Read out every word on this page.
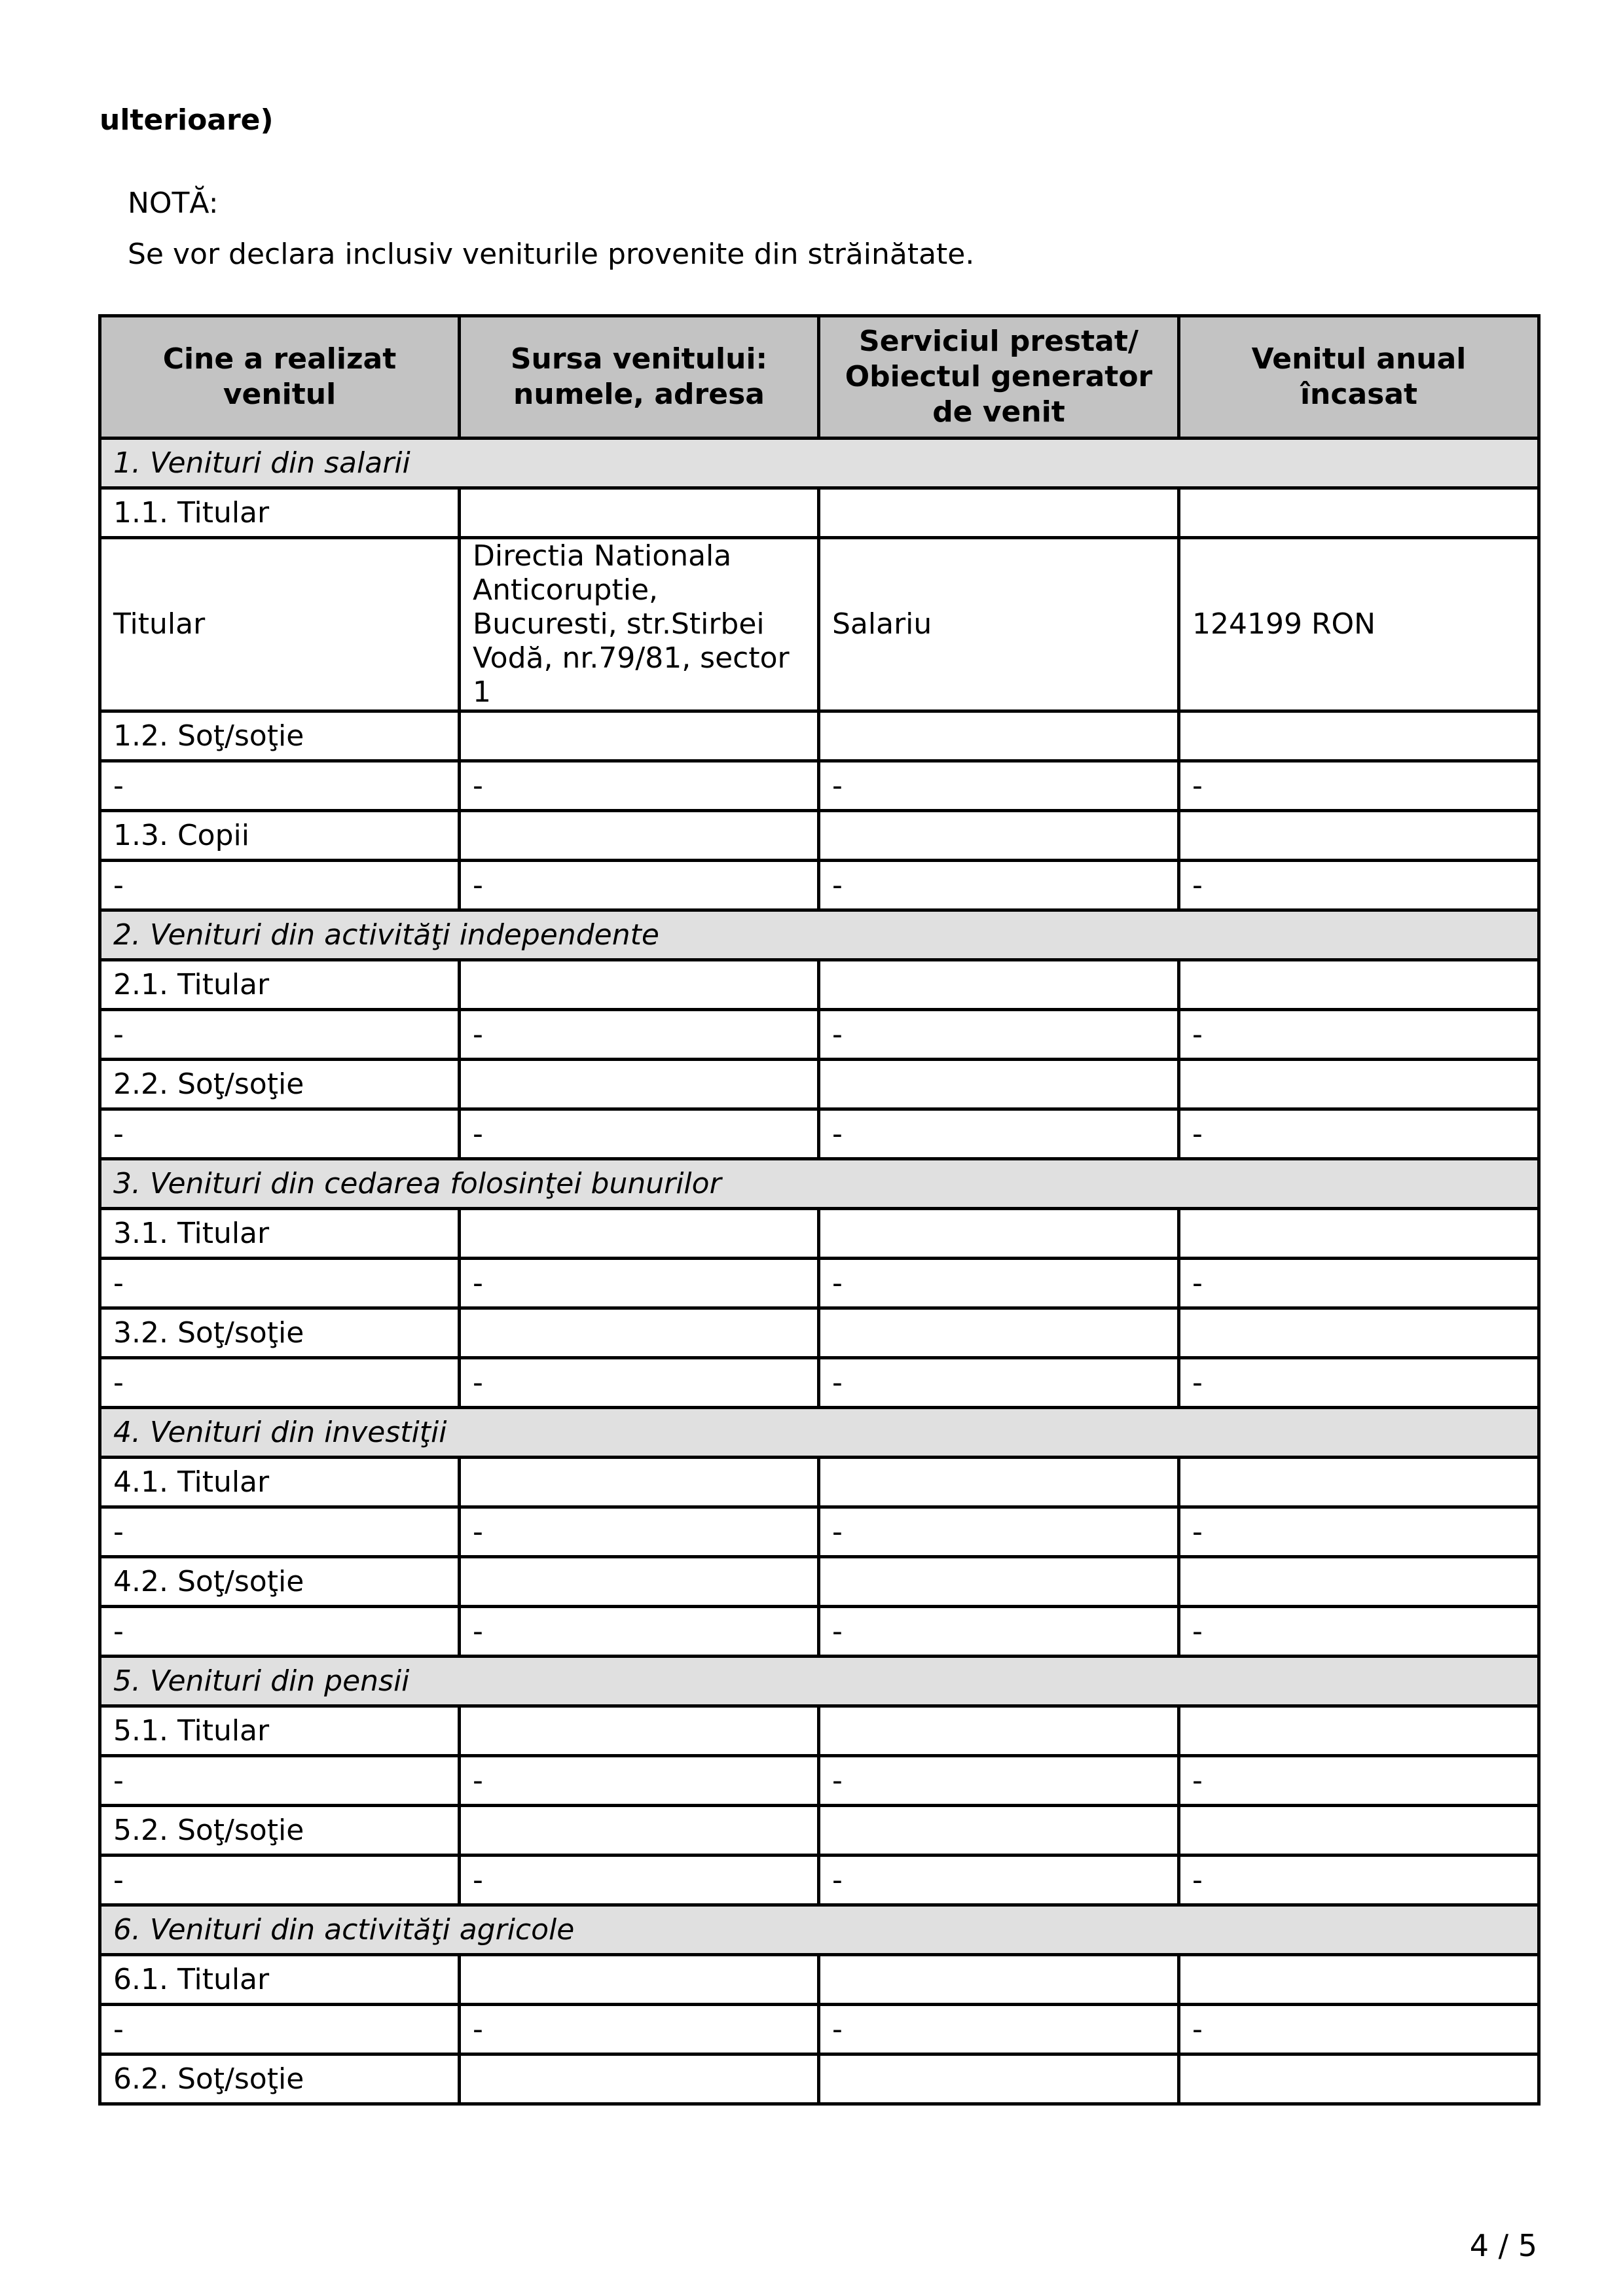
ulterioare)
NOTĂ:
Se vor declara inclusiv veniturile provenite din străinătate.
Cine a realizat venitul	Sursa venitului: numele, adresa	Serviciul prestat/ Obiectul generator de venit	Venitul anual încasat
1. Venituri din salarii			
1.1. Titular			
Titular	Directia Nationala Anticoruptie, Bucuresti, str.Stirbei Vodă, nr.79/81, sector 1	Salariu	124199 RON
1.2. Soţ/soţie			
-	-	-	-
1.3. Copii			
-	-	-	-
2. Venituri din activităţi independente			
2.1. Titular			
-	-	-	-
2.2. Soţ/soţie			
-	-	-	-
3. Venituri din cedarea folosinţei bunurilor			
3.1. Titular			
-	-	-	-
3.2. Soţ/soţie			
-	-	-	-
4. Venituri din investiţii			
4.1. Titular			
-	-	-	-
4.2. Soţ/soţie			
-	-	-	-
5. Venituri din pensii			
5.1. Titular			
-	-	-	-
5.2. Soţ/soţie			
-	-	-	-
6. Venituri din activităţi agricole			
6.1. Titular			
-	-	-	-
6.2. Soţ/soţie			
4 / 5
